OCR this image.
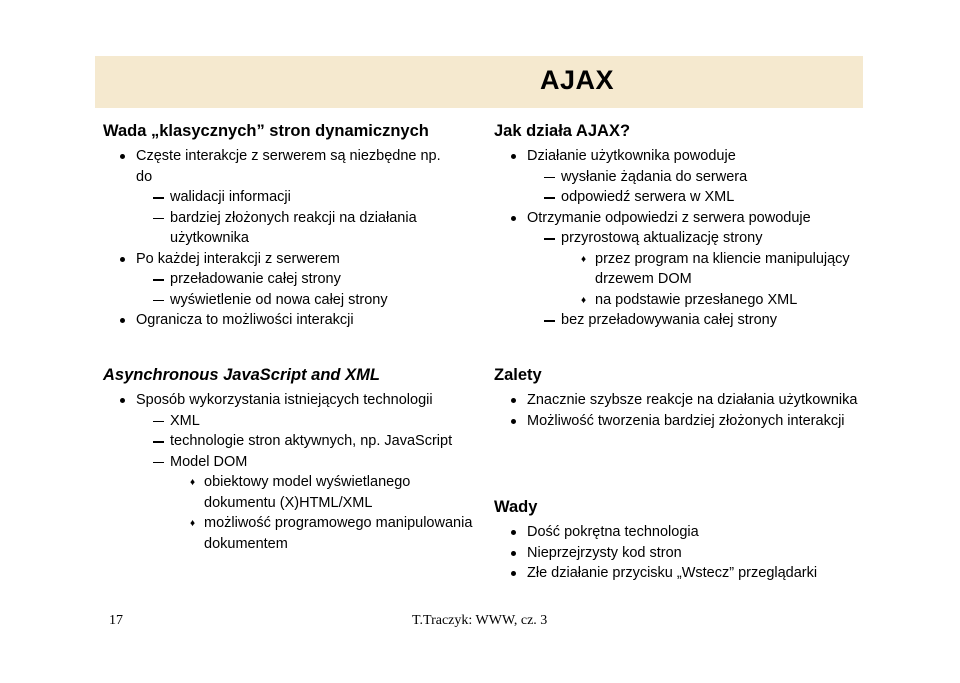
AJAX
Wada „klasycznych” stron dynamicznych
Częste interakcje z serwerem są niezbędne np.
do
walidacji informacji
bardziej złożonych reakcji na działania użytkownika
Po każdej interakcji z serwerem
przeładowanie całej strony
wyświetlenie od nowa całej strony
Ogranicza to możliwości interakcji
Asynchronous JavaScript and XML
Sposób wykorzystania istniejących technologii
XML
technologie stron aktywnych, np. JavaScript
Model DOM
♦ obiektowy model wyświetlanego dokumentu (X)HTML/XML
♦ możliwość programowego manipulowania dokumentem
Jak działa AJAX?
Działanie użytkownika powoduje
wysłanie żądania do serwera
odpowiedź serwera w XML
Otrzymanie odpowiedzi z serwera powoduje
przyrostową aktualizację strony
♦ przez program na kliencie manipulujący drzewem DOM
♦ na podstawie przesłanego XML
bez przeładowywania całej strony
Zalety
Znacznie szybsze reakcje na działania użytkownika
Możliwość tworzenia bardziej złożonych interakcji
Wady
Dość pokrętna technologia
Nieprzejrzysty kod stron
Złe działanie przycisku „Wstecz” przeglądarki
17	T.Traczyk: WWW, cz. 3
